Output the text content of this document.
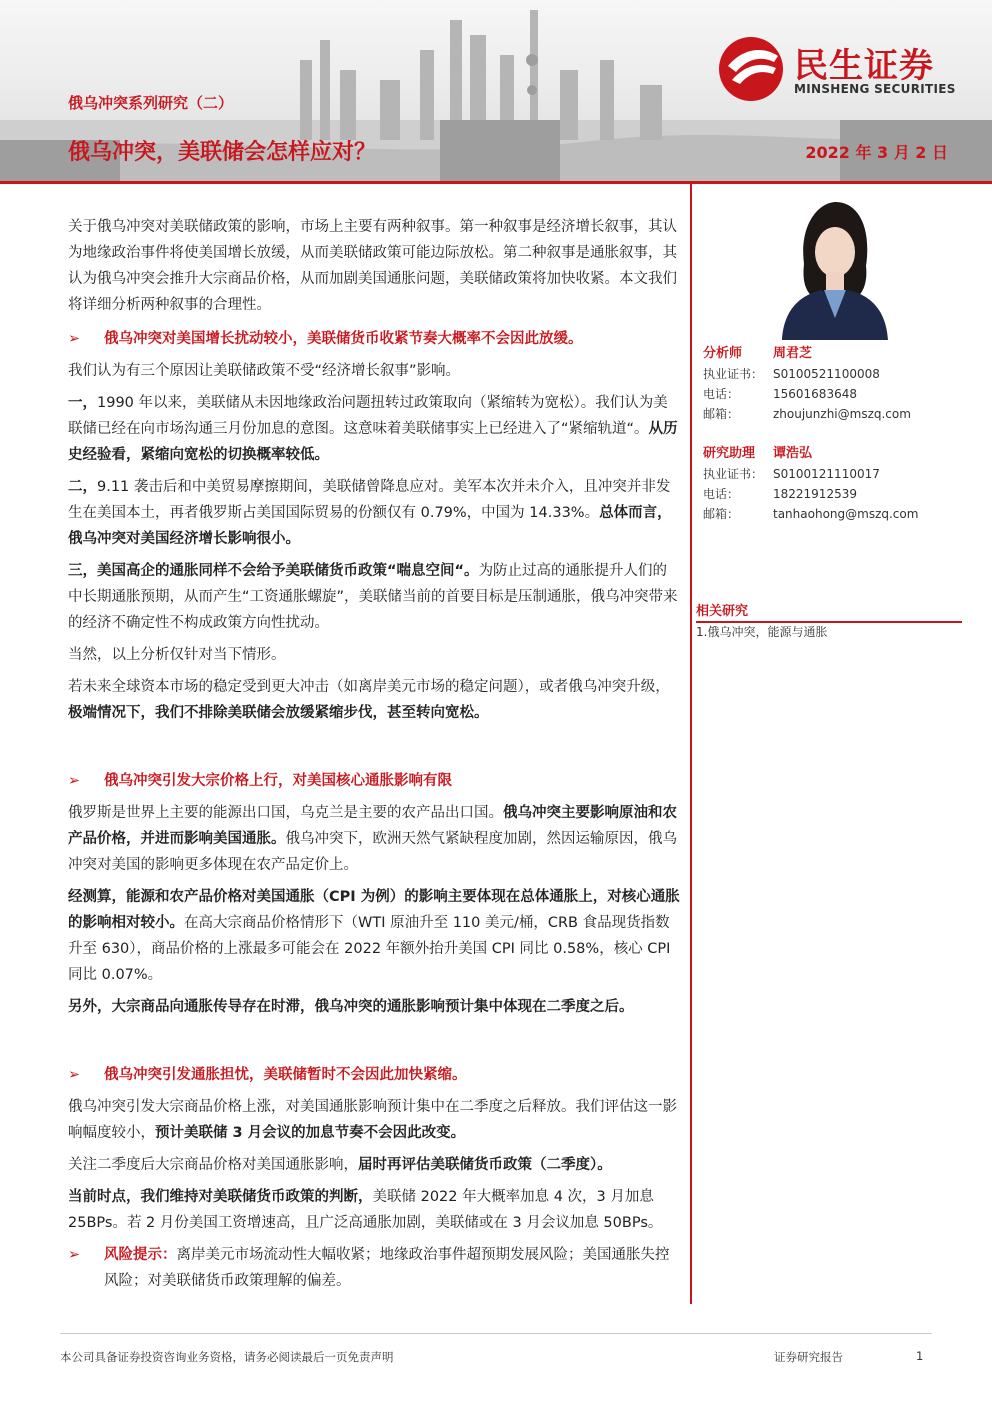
俄乌冲突系列研究（二）
俄乌冲突，美联储会怎样应对？	2022 年 3 月 2 日
民生证券
MINSHENG SECURITIES

关于俄乌冲突对美联储政策的影响，市场上主要有两种叙事。第一种叙事是经济增长叙事，其认为地缘政治事件将使美国增长放缓，从而美联储政策可能边际放松。第二种叙事是通胀叙事，其认为俄乌冲突会推升大宗商品价格，从而加剧美国通胀问题，美联储政策将加快收紧。本文我们将详细分析两种叙事的合理性。

➢ 俄乌冲突对美国增长扰动较小，美联储货币收紧节奏大概率不会因此放缓。

我们认为有三个原因让美联储政策不受“经济增长叙事”影响。

一，1990 年以来，美联储从未因地缘政治问题扭转过政策取向（紧缩转为宽松）。我们认为美联储已经在向市场沟通三月份加息的意图。这意味着美联储事实上已经进入了“紧缩轨道“。从历史经验看，紧缩向宽松的切换概率较低。

二，9.11 袭击后和中美贸易摩擦期间，美联储曾降息应对。美军本次并未介入，且冲突并非发生在美国本土，再者俄罗斯占美国国际贸易的份额仅有 0.79%，中国为 14.33%。总体而言，俄乌冲突对美国经济增长影响很小。

三，美国高企的通胀同样不会给予美联储货币政策“喘息空间“。为防止过高的通胀提升人们的中长期通胀预期，从而产生“工资通胀螺旋”，美联储当前的首要目标是压制通胀，俄乌冲突带来的经济不确定性不构成政策方向性扰动。

当然，以上分析仅针对当下情形。

若未来全球资本市场的稳定受到更大冲击（如离岸美元市场的稳定问题），或者俄乌冲突升级，极端情况下，我们不排除美联储会放缓紧缩步伐，甚至转向宽松。

➢ 俄乌冲突引发大宗价格上行，对美国核心通胀影响有限

俄罗斯是世界上主要的能源出口国，乌克兰是主要的农产品出口国。俄乌冲突主要影响原油和农产品价格，并进而影响美国通胀。俄乌冲突下，欧洲天然气紧缺程度加剧，然因运输原因，俄乌冲突对美国的影响更多体现在农产品定价上。

经测算，能源和农产品价格对美国通胀（CPI 为例）的影响主要体现在总体通胀上，对核心通胀的影响相对较小。在高大宗商品价格情形下（WTI 原油升至 110 美元/桶，CRB 食品现货指数升至 630），商品价格的上涨最多可能会在 2022 年额外抬升美国 CPI 同比 0.58%，核心 CPI 同比 0.07%。

另外，大宗商品向通胀传导存在时滞，俄乌冲突的通胀影响预计集中体现在二季度之后。

➢ 俄乌冲突引发通胀担忧，美联储暂时不会因此加快紧缩。

俄乌冲突引发大宗商品价格上涨，对美国通胀影响预计集中在二季度之后释放。我们评估这一影响幅度较小，预计美联储 3 月会议的加息节奏不会因此改变。

关注二季度后大宗商品价格对美国通胀影响，届时再评估美联储货币政策（二季度）。

当前时点，我们维持对美联储货币政策的判断，美联储 2022 年大概率加息 4 次，3 月加息 25BPs。若 2 月份美国工资增速高，且广泛高通胀加剧，美联储或在 3 月会议加息 50BPs。

➢ 风险提示：离岸美元市场流动性大幅收紧；地缘政治事件超预期发展风险；美国通胀失控风险；对美联储货币政策理解的偏差。

分析师	周君芝
执业证书： S0100521100008
电话：	15601683648
邮箱：	zhoujunzhi@mszq.com
研究助理	谭浩弘
执业证书： S0100121110017
电话：	18221912539
邮箱：	tanhaohong@mszq.com
相关研究
1.俄乌冲突，能源与通胀
本公司具备证券投资咨询业务资格，请务必阅读最后一页免责声明	证券研究报告	1
